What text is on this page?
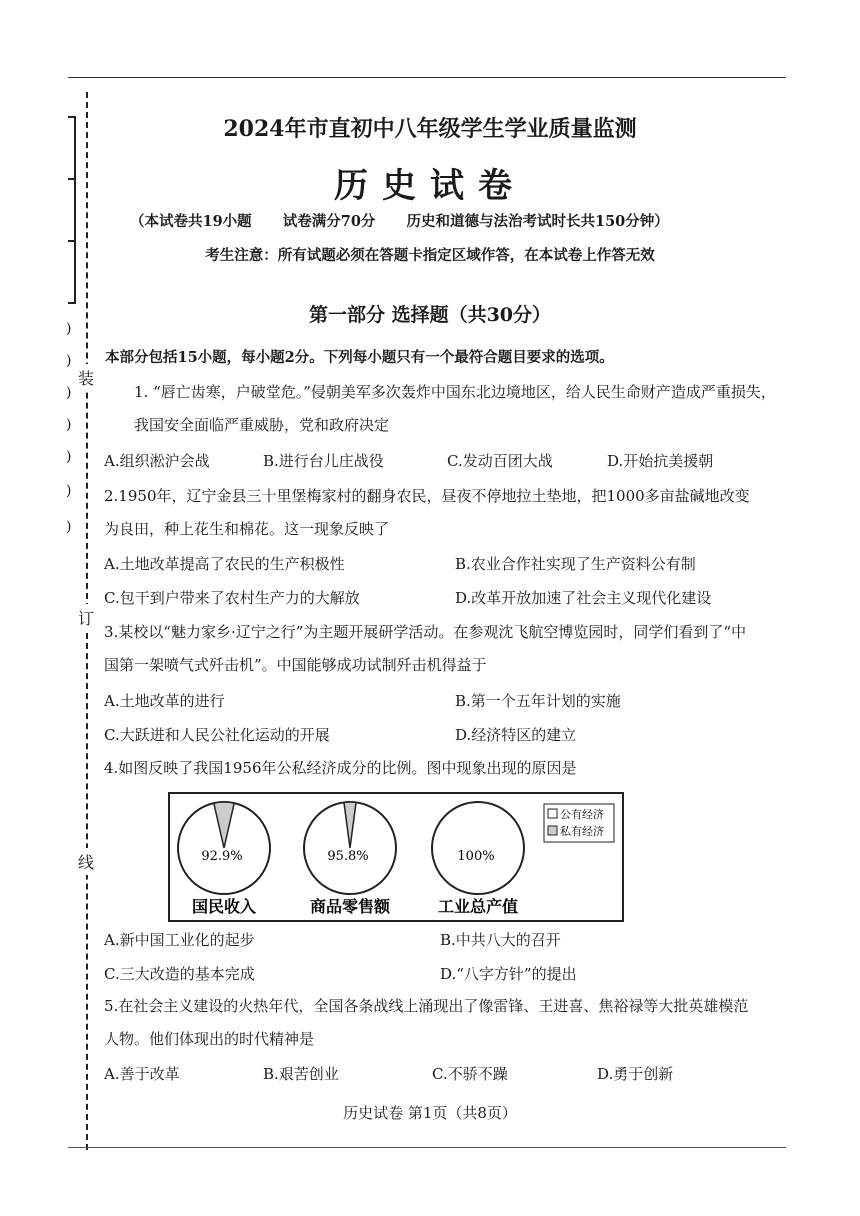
)
)
)
)
)
)
)
装
订
线
2024年市直初中八年级学生学业质量监测
历史试卷
（本试卷共19小题 试卷满分70分 历史和道德与法治考试时长共150分钟）
考生注意：所有试题必须在答题卡指定区域作答，在本试卷上作答无效
第一部分 选择题（共30分）
本部分包括15小题，每小题2分。下列每小题只有一个最符合题目要求的选项。
1. “唇亡齿寒，户破堂危。”侵朝美军多次轰炸中国东北边境地区，给人民生命财产造成严重损失，我国安全面临严重威胁，党和政府决定
A.组织淞沪会战	B.进行台儿庄战役	C.发动百团大战	D.开始抗美援朝
2.1950年，辽宁金县三十里堡梅家村的翻身农民，昼夜不停地拉土垫地，把1000多亩盐碱地改变为良田，种上花生和棉花。这一现象反映了
A.土地改革提高了农民的生产积极性	B.农业合作社实现了生产资料公有制
C.包干到户带来了农村生产力的大解放	D.改革开放加速了社会主义现代化建设
3.某校以“魅力家乡·辽宁之行”为主题开展研学活动。在参观沈飞航空博览园时，同学们看到了“中国第一架喷气式歼击机”。中国能够成功试制歼击机得益于
A.土地改革的进行	B.第一个五年计划的实施
C.大跃进和人民公社化运动的开展	D.经济特区的建立
4.如图反映了我国1956年公私经济成分的比例。图中现象出现的原因是
92.9%
国民收入
95.8%
商品零售额
100%
工业总产值
公有经济
私有经济
A.新中国工业化的起步	B.中共八大的召开
C.三大改造的基本完成	D.“八字方针”的提出
5.在社会主义建设的火热年代，全国各条战线上涌现出了像雷锋、王进喜、焦裕禄等大批英雄模范人物。他们体现出的时代精神是
A.善于改革	B.艰苦创业	C.不骄不躁	D.勇于创新
历史试卷 第1页（共8页）
